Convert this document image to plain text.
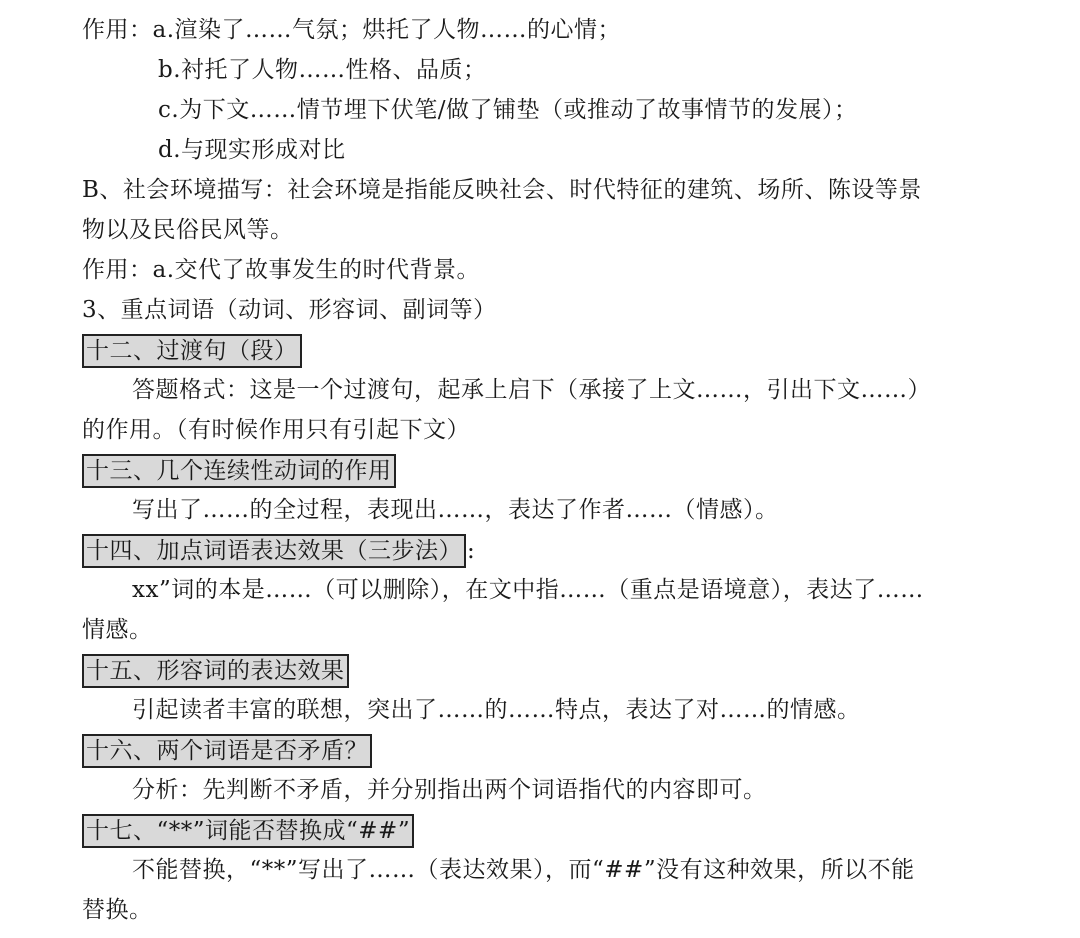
作用：a.渲染了……气氛；烘托了人物……的心情；
b.衬托了人物……性格、品质；
c.为下文……情节埋下伏笔/做了铺垫（或推动了故事情节的发展）；
d.与现实形成对比
B、社会环境描写：社会环境是指能反映社会、时代特征的建筑、场所、陈设等景
物以及民俗民风等。
作用：a.交代了故事发生的时代背景。
3、重点词语（动词、形容词、副词等）
十二、过渡句（段）
答题格式：这是一个过渡句，起承上启下（承接了上文……，引出下文……）
的作用。（有时候作用只有引起下文）
十三、几个连续性动词的作用
写出了……的全过程，表现出……，表达了作者……（情感）。
十四、加点词语表达效果（三步法） :
xx”词的本是……（可以删除），在文中指……（重点是语境意），表达了……
情感。
十五、形容词的表达效果
引起读者丰富的联想，突出了……的……特点，表达了对……的情感。
十六、两个词语是否矛盾？
分析：先判断不矛盾，并分别指出两个词语指代的内容即可。
十七、“**”词能否替换成“##”
不能替换，“**”写出了……（表达效果），而“##”没有这种效果，所以不能
替换。
